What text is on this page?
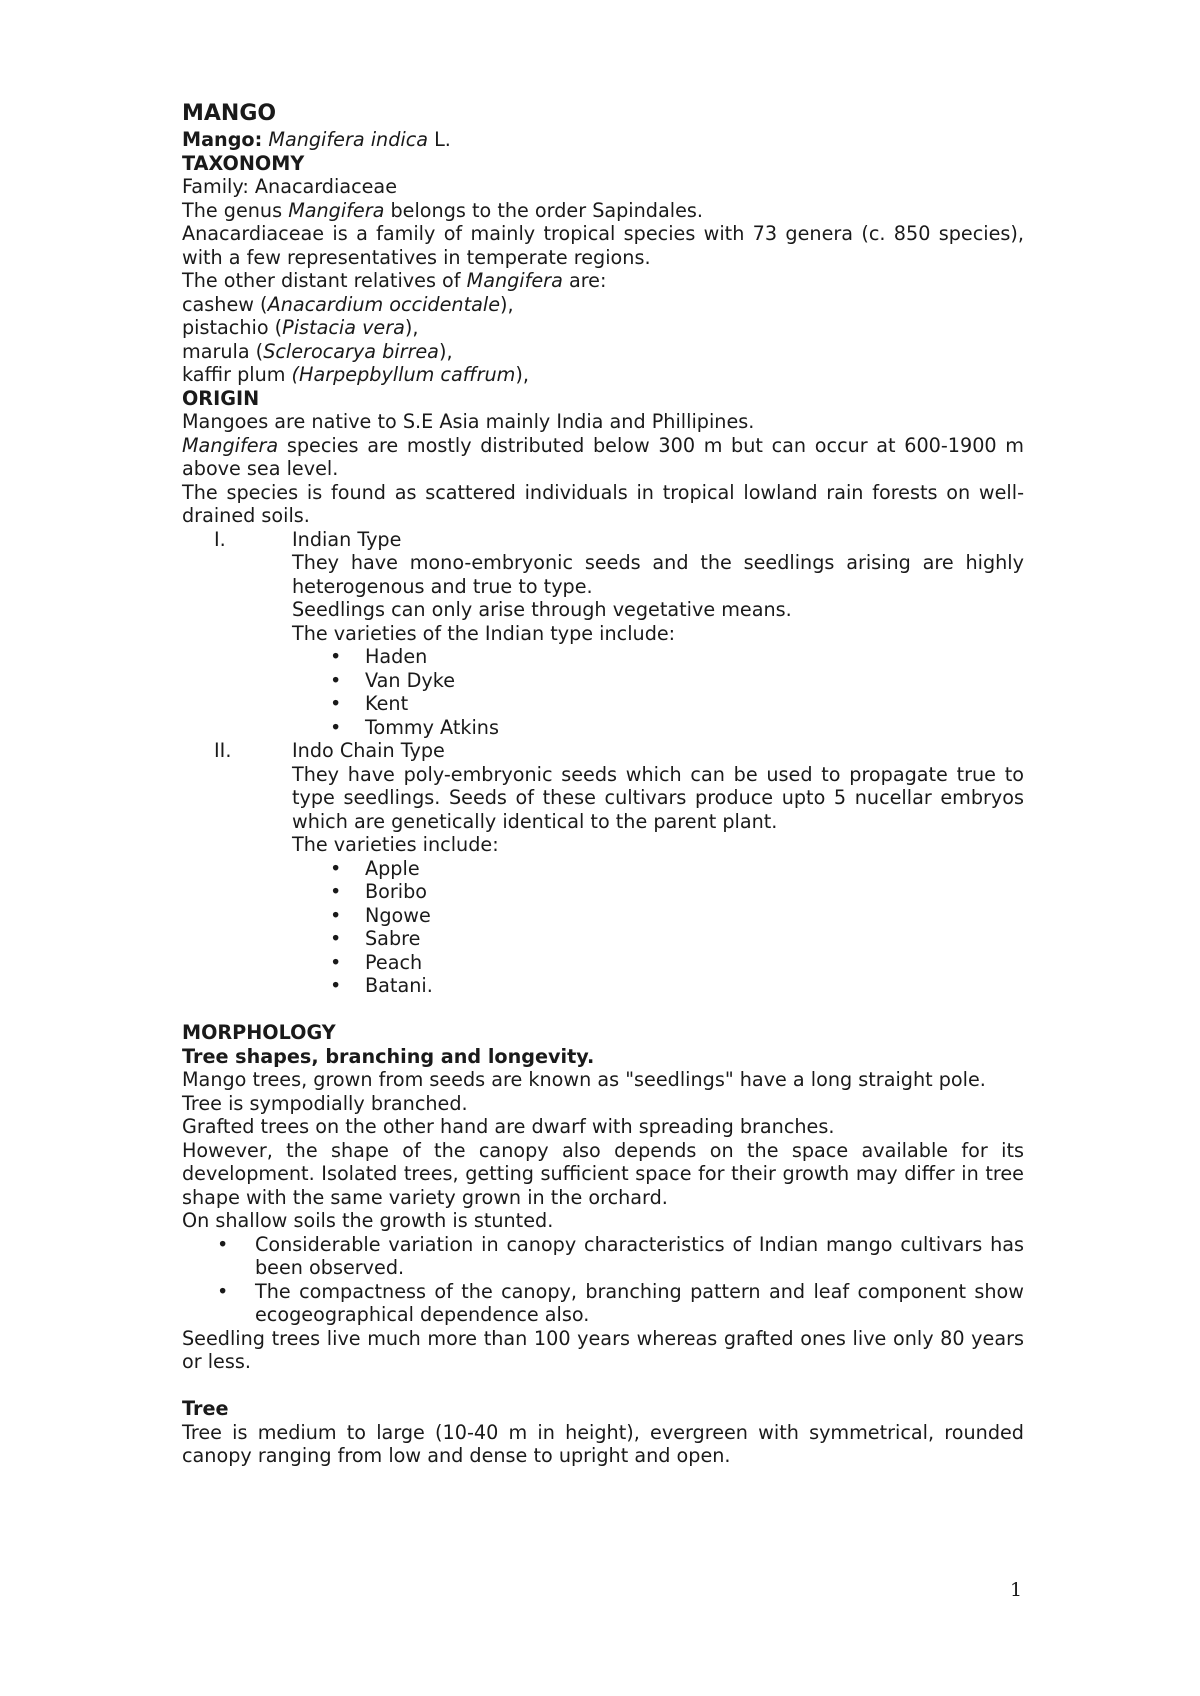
MANGO
Mango: Mangifera indica L.
TAXONOMY
Family: Anacardiaceae
The genus Mangifera belongs to the order Sapindales.
Anacardiaceae is a family of mainly tropical species with 73 genera (c. 850 species), with a few representatives in temperate regions.
The other distant relatives of Mangifera are:
cashew (Anacardium occidentale),
pistachio (Pistacia vera),
marula (Sclerocarya birrea),
kaffir plum (Harpepbyllum caffrum),
ORIGIN
Mangoes are native to S.E Asia mainly India and Phillipines.
Mangifera species are mostly distributed below 300 m but can occur at 600-1900 m above sea level.
The species is found as scattered individuals in tropical lowland rain forests on well-drained soils.
I.	Indian Type
They have mono-embryonic seeds and the seedlings arising are highly heterogenous and true to type.
Seedlings can only arise through vegetative means.
The varieties of the Indian type include:
• Haden
• Van Dyke
• Kent
• Tommy Atkins
II.	Indo Chain Type
They have poly-embryonic seeds which can be used to propagate true to type seedlings. Seeds of these cultivars produce upto 5 nucellar embryos which are genetically identical to the parent plant.
The varieties include:
• Apple
• Boribo
• Ngowe
• Sabre
• Peach
• Batani.
MORPHOLOGY
Tree shapes, branching and longevity.
Mango trees, grown from seeds are known as "seedlings" have a long straight pole.
Tree is sympodially branched.
Grafted trees on the other hand are dwarf with spreading branches.
However, the shape of the canopy also depends on the space available for its development. Isolated trees, getting sufficient space for their growth may differ in tree shape with the same variety grown in the orchard.
On shallow soils the growth is stunted.
• Considerable variation in canopy characteristics of Indian mango cultivars has been observed.
• The compactness of the canopy, branching pattern and leaf component show ecogeographical dependence also.
Seedling trees live much more than 100 years whereas grafted ones live only 80 years or less.
Tree
Tree is medium to large (10-40 m in height), evergreen with symmetrical, rounded canopy ranging from low and dense to upright and open.
1
